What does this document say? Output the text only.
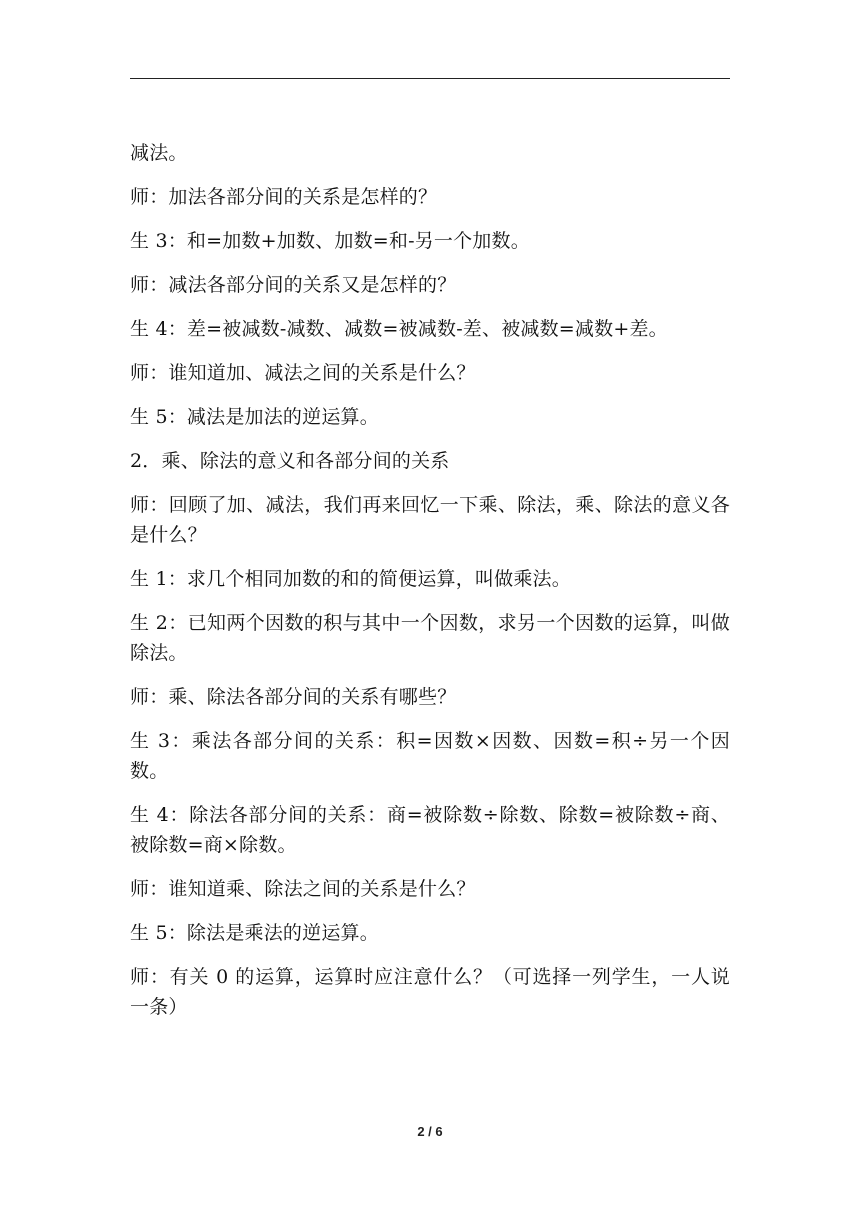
减法。

师：加法各部分间的关系是怎样的？

生 3：和=加数+加数、加数=和-另一个加数。

师：减法各部分间的关系又是怎样的？

生 4：差=被减数-减数、减数=被减数-差、被减数=减数+差。

师：谁知道加、减法之间的关系是什么？

生 5：减法是加法的逆运算。

2．乘、除法的意义和各部分间的关系

师：回顾了加、减法，我们再来回忆一下乘、除法，乘、除法的意义各是什么？

生 1：求几个相同加数的和的简便运算，叫做乘法。

生 2：已知两个因数的积与其中一个因数，求另一个因数的运算，叫做除法。

师：乘、除法各部分间的关系有哪些？

生 3：乘法各部分间的关系：积=因数×因数、因数=积÷另一个因数。

生 4：除法各部分间的关系：商=被除数÷除数、除数=被除数÷商、被除数=商×除数。

师：谁知道乘、除法之间的关系是什么？

生 5：除法是乘法的逆运算。

师：有关 0 的运算，运算时应注意什么？（可选择一列学生，一人说一条）

2 / 6
